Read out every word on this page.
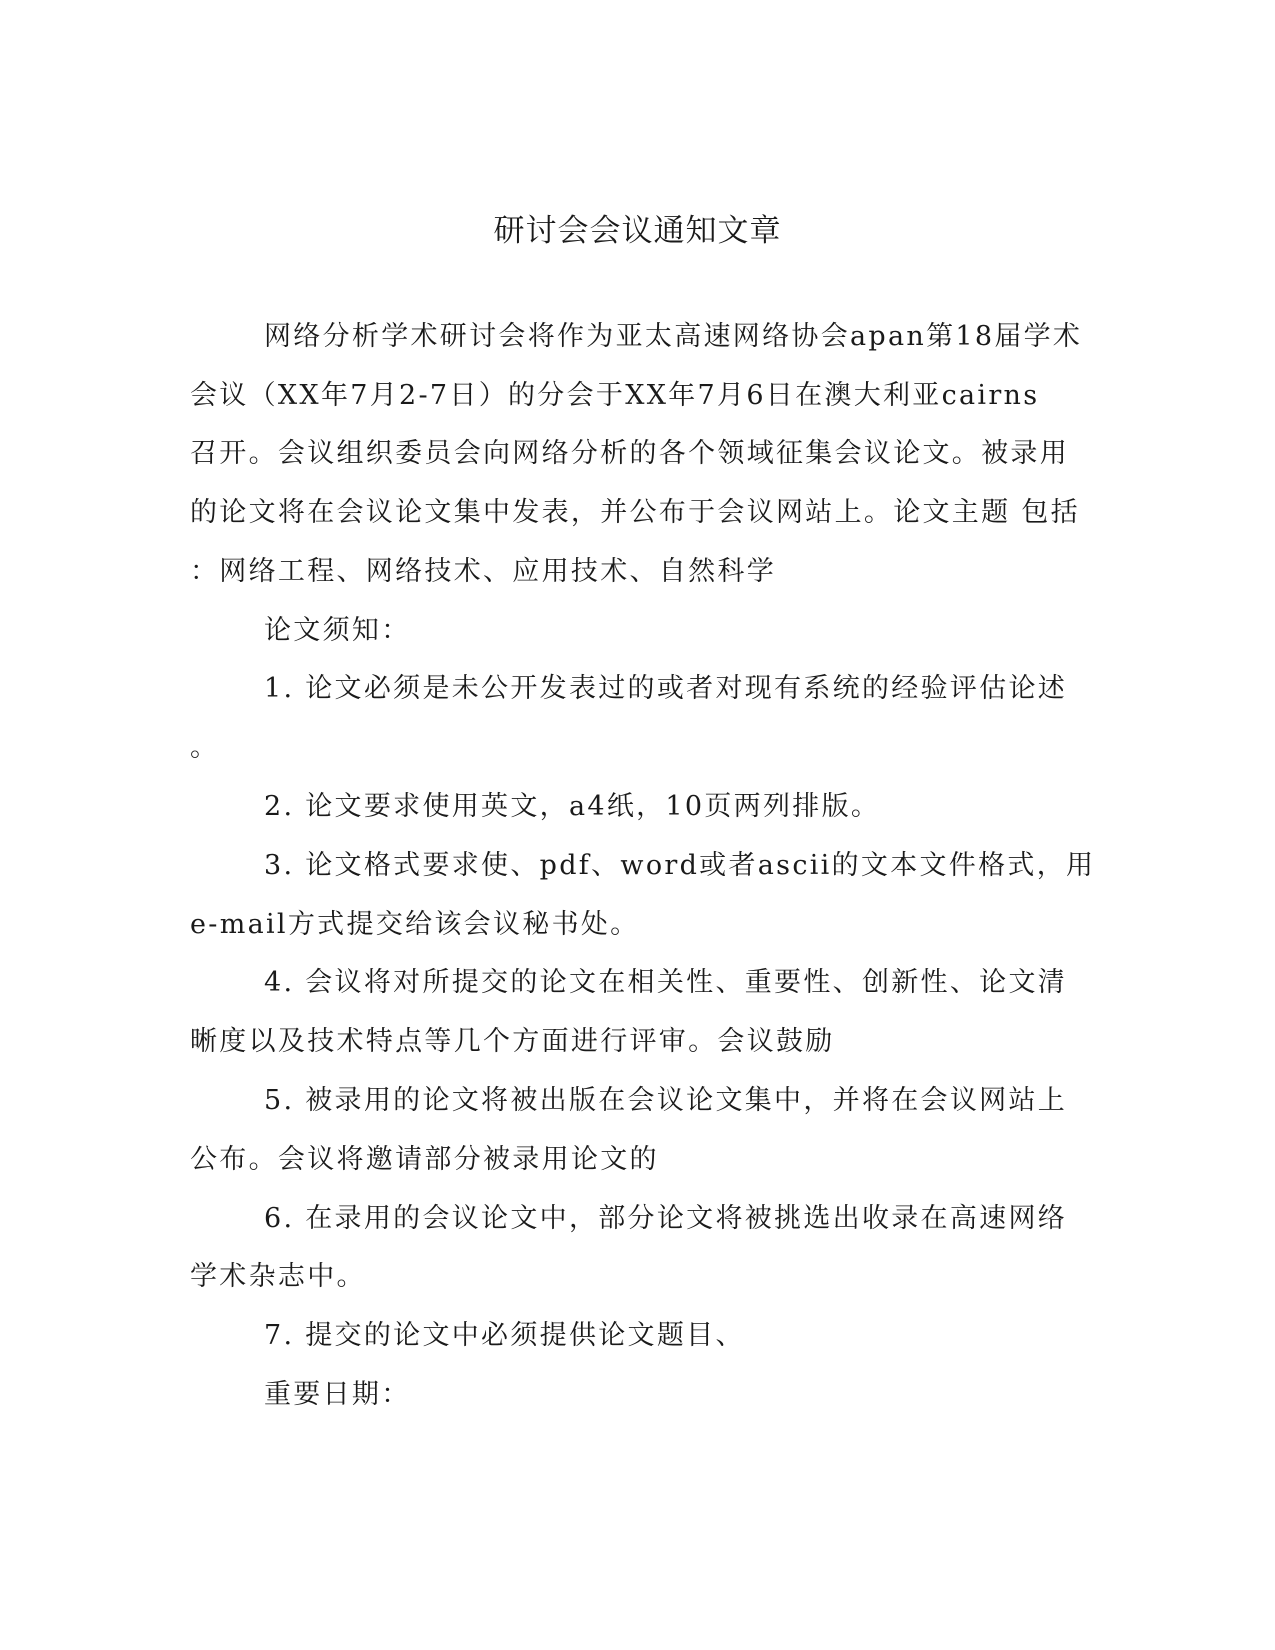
研讨会会议通知文章
网络分析学术研讨会将作为亚太高速网络协会apan第18届学术
会议（XX年7月2-7日）的分会于XX年7月6日在澳大利亚cairns
召开。会议组织委员会向网络分析的各个领域征集会议论文。被录用
的论文将在会议论文集中发表，并公布于会议网站上。论文主题 包括
：网络工程、网络技术、应用技术、自然科学
论文须知：
1. 论文必须是未公开发表过的或者对现有系统的经验评估论述
。
2. 论文要求使用英文，a4纸，10页两列排版。
3. 论文格式要求使、pdf、word或者ascii的文本文件格式，用
e-mail方式提交给该会议秘书处。
4. 会议将对所提交的论文在相关性、重要性、创新性、论文清
晰度以及技术特点等几个方面进行评审。会议鼓励
5. 被录用的论文将被出版在会议论文集中，并将在会议网站上
公布。会议将邀请部分被录用论文的
6. 在录用的会议论文中，部分论文将被挑选出收录在高速网络
学术杂志中。
7. 提交的论文中必须提供论文题目、
重要日期：
